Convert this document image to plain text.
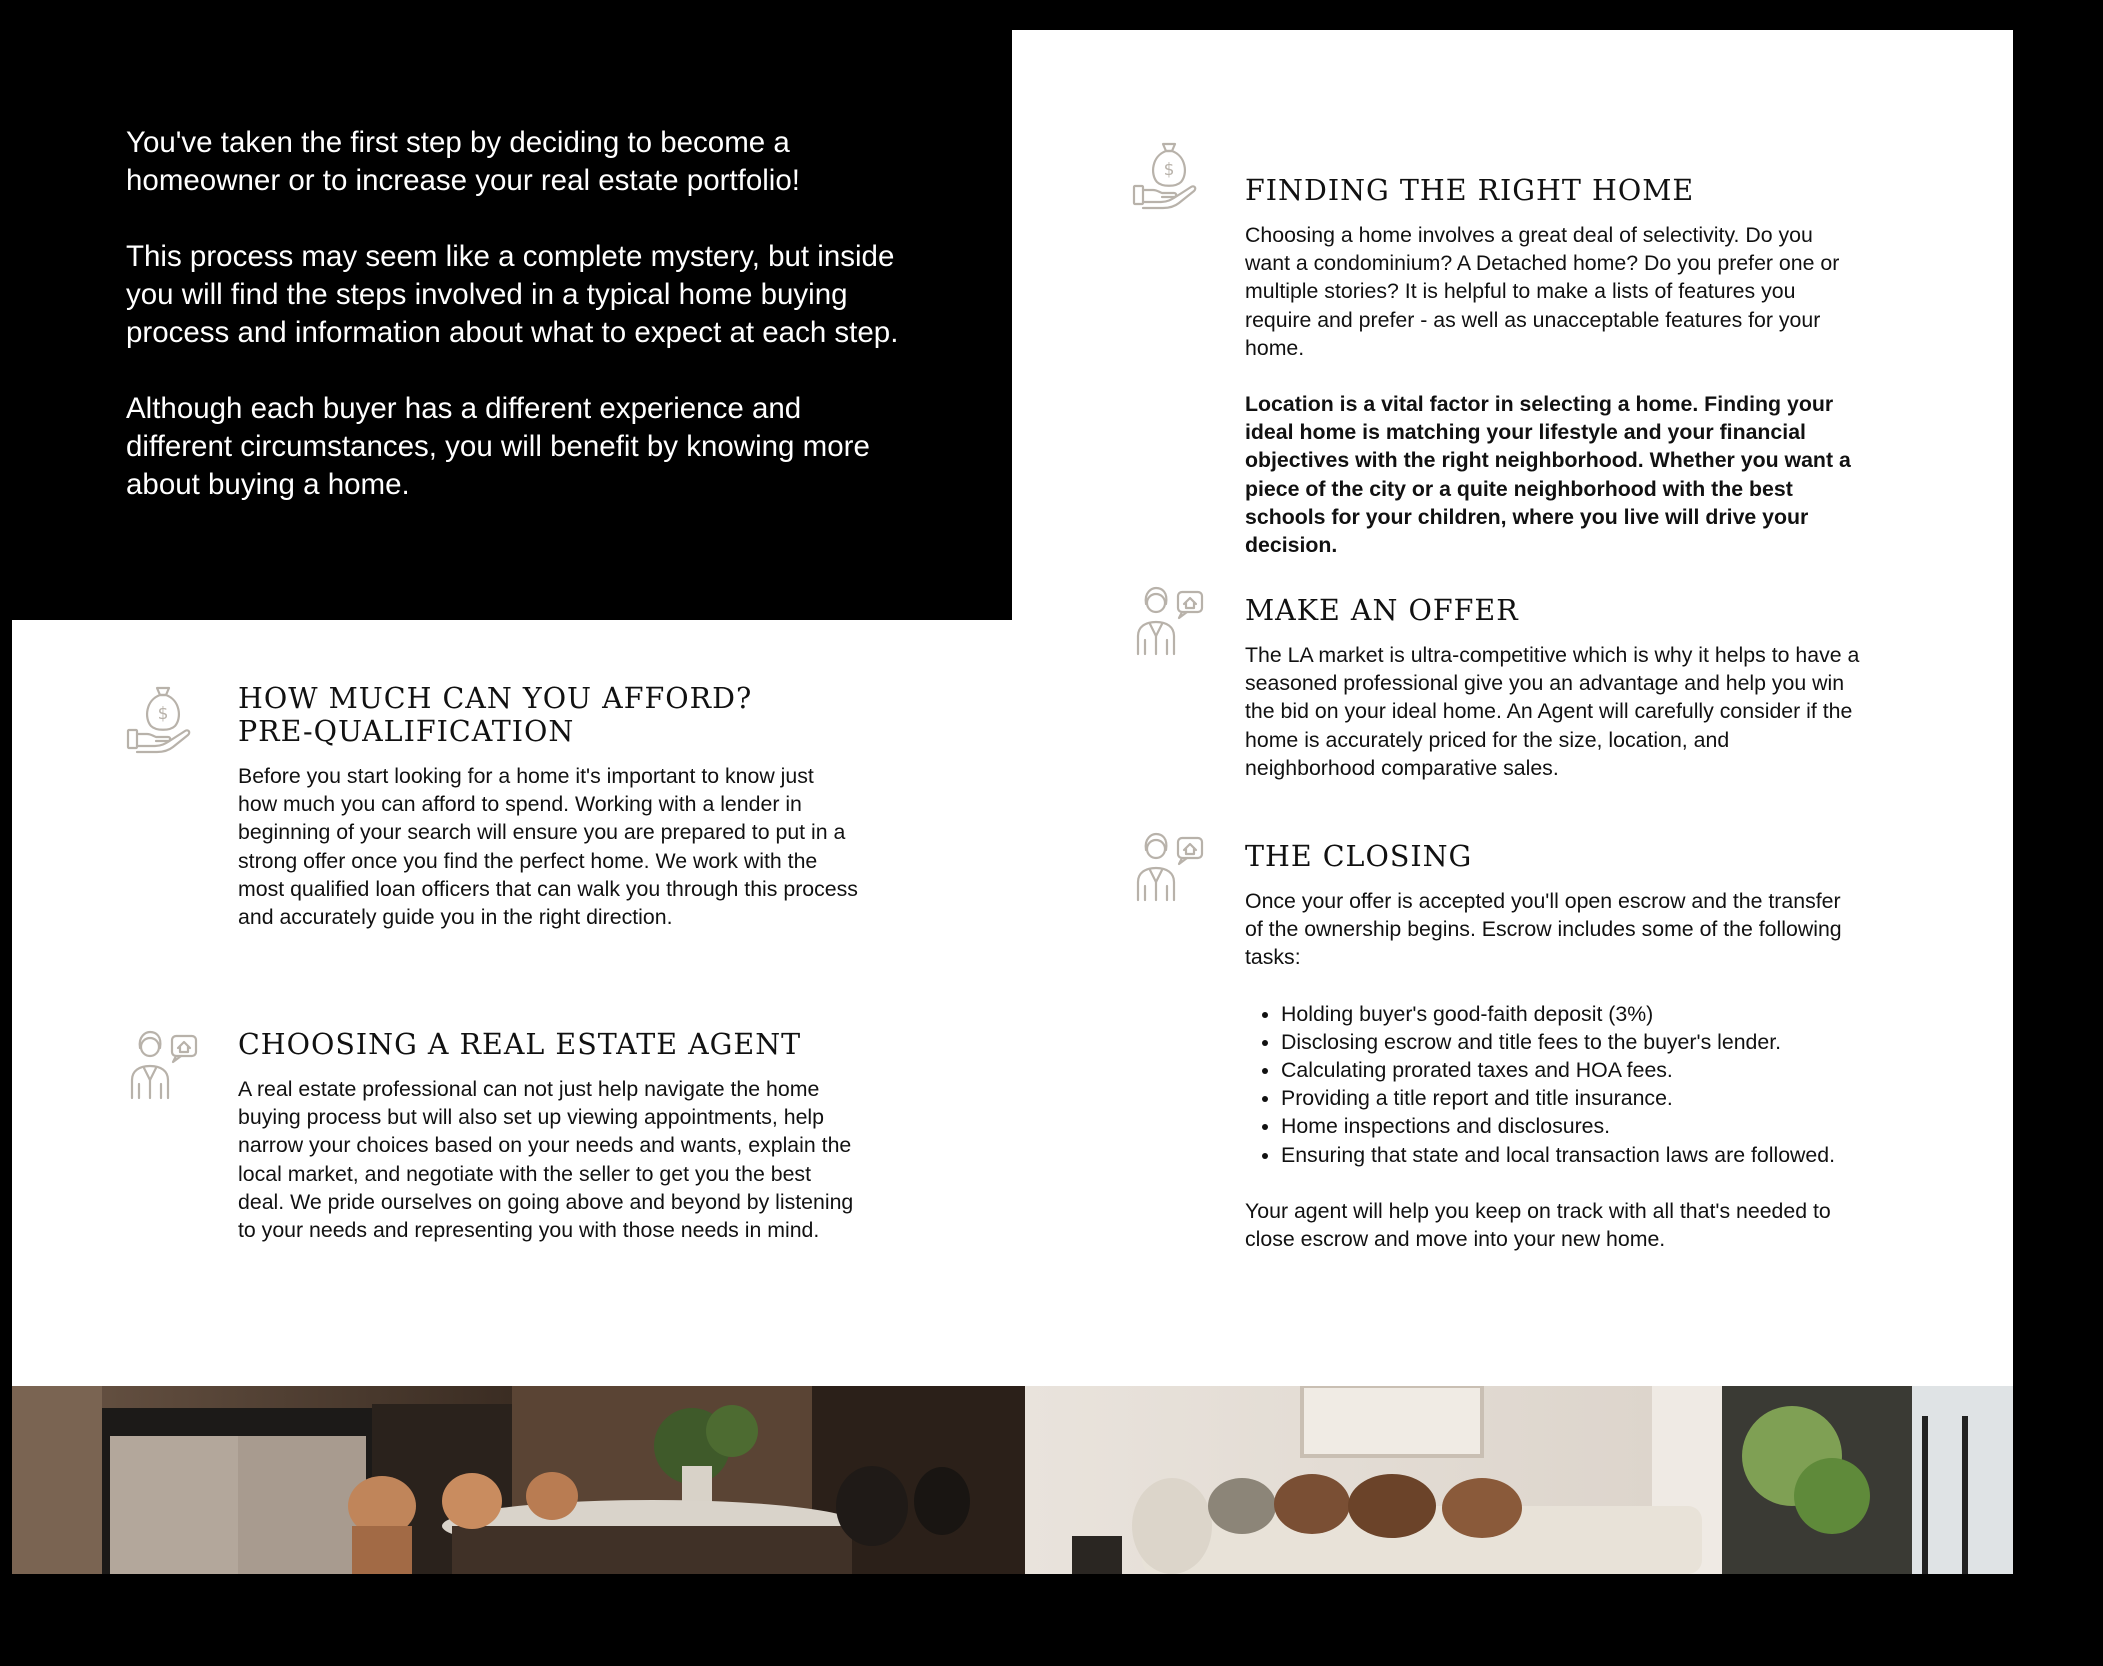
You've taken the first step by deciding to become a homeowner or to increase your real estate portfolio!

This process may seem like a complete mystery, but inside you will find the steps involved in a typical home buying process and information about what to expect at each step.

Although each buyer has a different experience and different circumstances, you will benefit by knowing more about buying a home.

$ HOW MUCH CAN YOU AFFORD?
PRE-QUALIFICATION

Before you start looking for a home it's important to know just how much you can afford to spend. Working with a lender in beginning of your search will ensure you are prepared to put in a strong offer once you find the perfect home. We work with the most qualified loan officers that can walk you through this process and accurately guide you in the right direction.

CHOOSING A REAL ESTATE AGENT

A real estate professional can not just help navigate the home buying process but will also set up viewing appointments, help narrow your choices based on your needs and wants, explain the local market, and negotiate with the seller to get you the best deal. We pride ourselves on going above and beyond by listening to your needs and representing you with those needs in mind.

$
FINDING THE RIGHT HOME

Choosing a home involves a great deal of selectivity. Do you want a condominium? A Detached home? Do you prefer one or multiple stories? It is helpful to make a lists of features you require and prefer - as well as unacceptable features for your home.

Location is a vital factor in selecting a home. Finding your ideal home is matching your lifestyle and your financial objectives with the right neighborhood. Whether you want a piece of the city or a quite neighborhood with the best schools for your children, where you live will drive your decision.

MAKE AN OFFER

The LA market is ultra-competitive which is why it helps to have a seasoned professional give you an advantage and help you win the bid on your ideal home. An Agent will carefully consider if the home is accurately priced for the size, location, and neighborhood comparative sales.

THE CLOSING

Once your offer is accepted you'll open escrow and the transfer of the ownership begins. Escrow includes some of the following tasks:

• Holding buyer's good-faith deposit (3%)
• Disclosing escrow and title fees to the buyer's lender.
• Calculating prorated taxes and HOA fees.
• Providing a title report and title insurance.
• Home inspections and disclosures.
• Ensuring that state and local transaction laws are followed.

Your agent will help you keep on track with all that's needed to close escrow and move into your new home.
